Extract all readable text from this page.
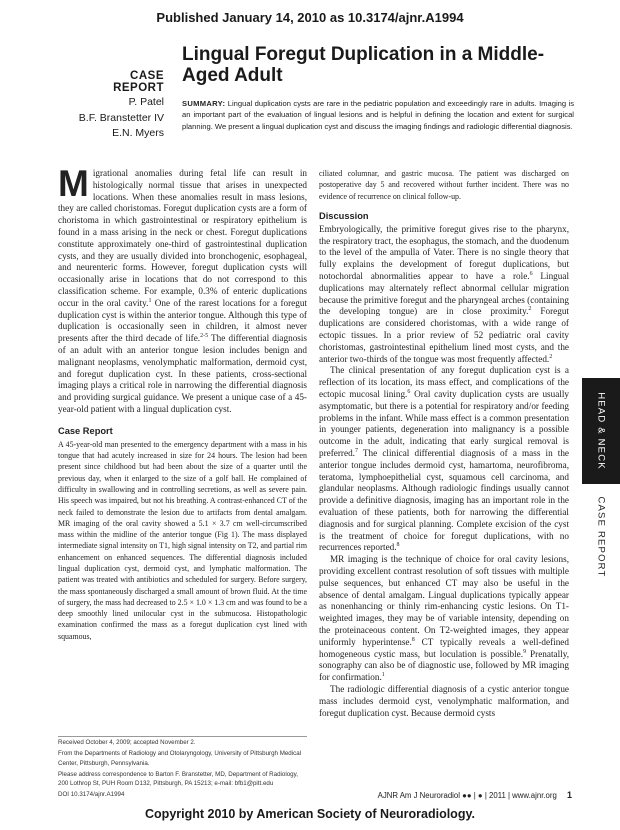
Published January 14, 2010 as 10.3174/ajnr.A1994
CASE REPORT
P. Patel
B.F. Branstetter IV
E.N. Myers
Lingual Foregut Duplication in a Middle-Aged Adult
SUMMARY: Lingual duplication cysts are rare in the pediatric population and exceedingly rare in adults. Imaging is an important part of the evaluation of lingual lesions and is helpful in defining the location and extent for surgical planning. We present a lingual duplication cyst and discuss the imaging findings and radiologic differential diagnosis.

Migrational anomalies during fetal life can result in histologically normal tissue that arises in unexpected locations. When these anomalies result in mass lesions, they are called choristomas. Foregut duplication cysts are a form of choristoma in which gastrointestinal or respiratory epithelium is found in a mass arising in the neck or chest. Foregut duplications constitute approximately one-third of gastrointestinal duplication cysts, and they are usually divided into bronchogenic, esophageal, and neurenteric forms. However, foregut duplication cysts will occasionally arise in locations that do not correspond to this classification scheme. For example, 0.3% of enteric duplications occur in the oral cavity.$^1$ One of the rarest locations for a foregut duplication cyst is within the anterior tongue. Although this type of duplication is occasionally seen in children, it almost never presents after the third decade of life.$^{2-5}$ The differential diagnosis of an adult with an anterior tongue lesion includes benign and malignant neoplasms, venolymphatic malformation, dermoid cyst, and foregut duplication cyst. In these patients, cross-sectional imaging plays a critical role in narrowing the differential diagnosis and providing surgical guidance. We present a unique case of a 45-year-old patient with a lingual duplication cyst.

Case Report

A 45-year-old man presented to the emergency department with a mass in his tongue that had acutely increased in size for 24 hours. The lesion had been present since childhood but had been about the size of a quarter until the previous day, when it enlarged to the size of a golf ball. He complained of difficulty in swallowing and in controlling secretions, as well as severe pain. His speech was impaired, but not his breathing. A contrast-enhanced CT of the neck failed to demonstrate the lesion due to artifacts from dental amalgam. MR imaging of the oral cavity showed a 5.1 × 3.7 cm well-circumscribed mass within the midline of the anterior tongue (Fig 1). The mass displayed intermediate signal intensity on T1, high signal intensity on T2, and partial rim enhancement on enhanced sequences. The differential diagnosis included lingual duplication cyst, dermoid cyst, and lymphatic malformation. The patient was treated with antibiotics and scheduled for surgery. Before surgery, the mass spontaneously discharged a small amount of brown fluid. At the time of surgery, the mass had decreased to 2.5 × 1.0 × 1.3 cm and was found to be a deep smoothly lined unilocular cyst in the submucosa. Histopathologic examination confirmed the mass as a foregut duplication cyst lined with squamous,

Received October 4, 2009; accepted November 2.

From the Departments of Radiology and Otolaryngology, University of Pittsburgh Medical Center, Pittsburgh, Pennsylvania.

Please address correspondence to Barton F. Branstetter, MD, Department of Radiology, 200 Lothrop St, PUH Room D132, Pittsburgh, PA 15213; e-mail: bfb1@pitt.edu

DOI 10.3174/ajnr.A1994

ciliated columnar, and gastric mucosa. The patient was discharged on postoperative day 5 and recovered without further incident. There was no evidence of recurrence on clinical follow-up.

Discussion

Embryologically, the primitive foregut gives rise to the pharynx, the respiratory tract, the esophagus, the stomach, and the duodenum to the level of the ampulla of Vater. There is no single theory that fully explains the development of foregut duplications, but notochordal abnormalities appear to have a role.$^6$ Lingual duplications may alternately reflect abnormal cellular migration because the primitive foregut and the pharyngeal arches (containing the developing tongue) are in close proximity.$^2$ Foregut duplications are considered choristomas, with a wide range of ectopic tissues. In a prior review of 52 pediatric oral cavity choristomas, gastrointestinal epithelium lined most cysts, and the anterior two-thirds of the tongue was most frequently affected.$^2$

The clinical presentation of any foregut duplication cyst is a reflection of its location, its mass effect, and complications of the ectopic mucosal lining.$^6$ Oral cavity duplication cysts are usually asymptomatic, but there is a potential for respiratory and/or feeding problems in the infant. While mass effect is a common presentation in younger patients, degeneration into malignancy is a possible outcome in the adult, indicating that early surgical removal is preferred.$^7$ The clinical differential diagnosis of a mass in the anterior tongue includes dermoid cyst, hamartoma, neurofibroma, teratoma, lymphoepithelial cyst, squamous cell carcinoma, and glandular neoplasms. Although radiologic findings usually cannot provide a definitive diagnosis, imaging has an important role in the evaluation of these patients, both for narrowing the differential diagnosis and for surgical planning. Complete excision of the cyst is the treatment of choice for foregut duplications, with no recurrences reported.$^8$

MR imaging is the technique of choice for oral cavity lesions, providing excellent contrast resolution of soft tissues with multiple pulse sequences, but enhanced CT may also be useful in the absence of dental amalgam. Lingual duplications typically appear as nonenhancing or thinly rim-enhancing cystic lesions. On T1-weighted images, they may be of variable intensity, depending on the proteinaceous content. On T2-weighted images, they appear uniformly hyperintense.$^8$ CT typically reveals a well-defined homogeneous cystic mass, but loculation is possible.$^9$ Prenatally, sonography can also be of diagnostic use, followed by MR imaging for confirmation.$^1$

The radiologic differential diagnosis of a cystic anterior tongue mass includes dermoid cyst, venolymphatic malformation, and foregut duplication cyst. Because dermoid cysts

HEAD & NECK
CASE REPORT
AJNR Am J Neuroradiol ●● | ● | 2011 | www.ajnr.org 1
Copyright 2010 by American Society of Neuroradiology.
